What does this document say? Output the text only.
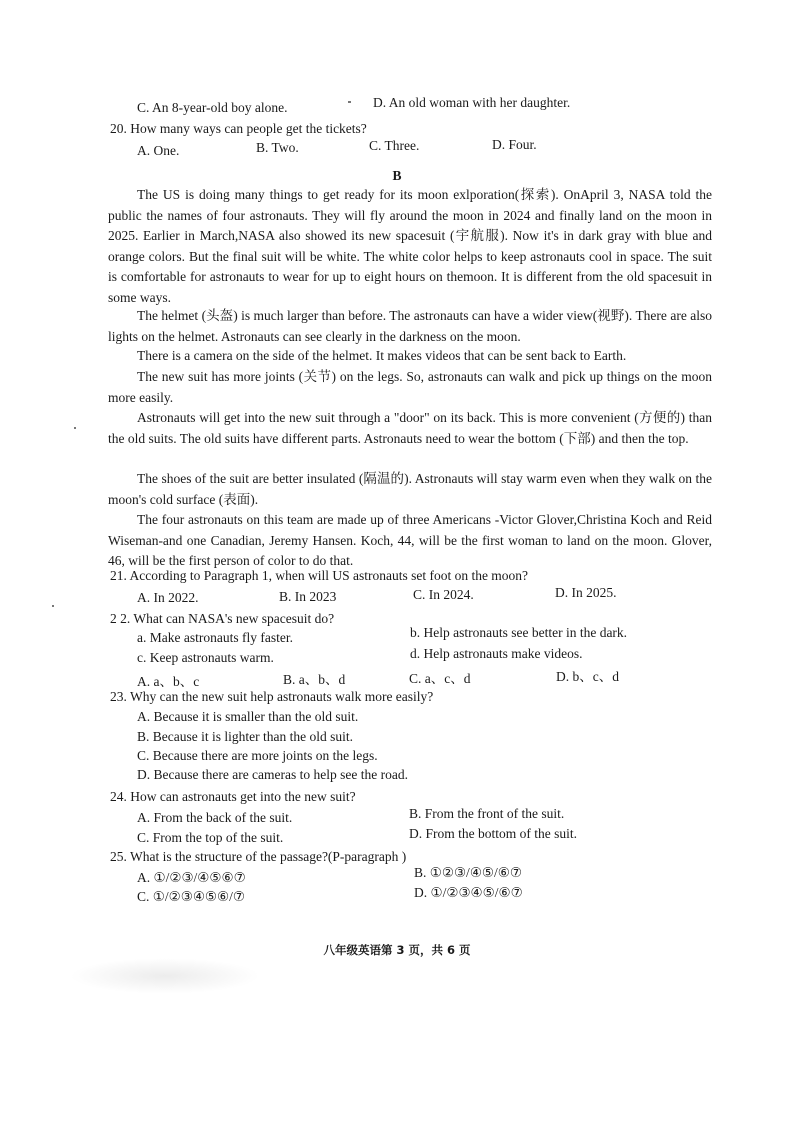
C. An 8-year-old boy alone.	D. An old woman with her daughter.
20. How many ways can people get the tickets?
A. One.	B. Two.	C. Three.	D. Four.
B
The US is doing many things to get ready for its moon exlporation(探索). OnApril 3, NASA told the public the names of four astronauts. They will fly around the moon in 2024 and finally land on the moon in 2025. Earlier in March,NASA also showed its new spacesuit (宇航服). Now it's in dark gray with blue and orange colors. But the final suit will be white. The white color helps to keep astronauts cool in space. The suit is comfortable for astronauts to wear for up to eight hours on themoon. It is different from the old spacesuit in some ways.
The helmet (头盔) is much larger than before. The astronauts can have a wider view(视野). There are also lights on the helmet. Astronauts can see clearly in the darkness on the moon.
There is a camera on the side of the helmet. It makes videos that can be sent back to Earth.
The new suit has more joints (关节) on the legs. So, astronauts can walk and pick up things on the moon more easily.
Astronauts will get into the new suit through a "door" on its back. This is more convenient (方便的) than the old suits. The old suits have different parts. Astronauts need to wear the bottom (下部) and then the top.
The shoes of the suit are better insulated (隔温的). Astronauts will stay warm even when they walk on the moon's cold surface (表面).
The four astronauts on this team are made up of three Americans -Victor Glover,Christina Koch and Reid Wiseman-and one Canadian, Jeremy Hansen. Koch, 44, will be the first woman to land on the moon. Glover, 46, will be the first person of color to do that.
21. According to Paragraph 1, when will US astronauts set foot on the moon?
A. In 2022.	B. In 2023	C. In 2024.	D. In 2025.
2 2. What can NASA's new spacesuit do?
a. Make astronauts fly faster.	b. Help astronauts see better in the dark.
c. Keep astronauts warm.	d. Help astronauts make videos.
A. a、b、c	B. a、b、d	C. a、c、d	D. b、c、d
23. Why can the new suit help astronauts walk more easily?
A. Because it is smaller than the old suit.
B. Because it is lighter than the old suit.
C. Because there are more joints on the legs.
D. Because there are cameras to help see the road.
24. How can astronauts get into the new suit?
A. From the back of the suit.	B. From the front of the suit.
C. From the top of the suit.	D. From the bottom of the suit.
25. What is the structure of the passage?(P-paragraph )
A. ①/②③/④⑤⑥⑦	B. ①②③/④⑤/⑥⑦
C. ①/②③④⑤⑥/⑦	D. ①/②③④⑤/⑥⑦
八年级英语第 3 页，共 6 页
